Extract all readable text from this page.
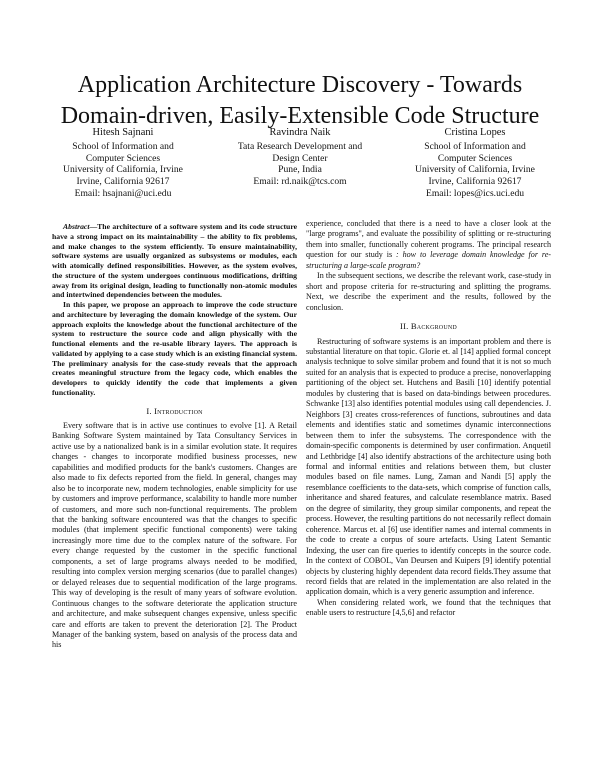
Application Architecture Discovery - Towards Domain-driven, Easily-Extensible Code Structure
Hitesh Sajnani
School of Information and
Computer Sciences
University of California, Irvine
Irvine, California 92617
Email: hsajnani@uci.edu
Ravindra Naik
Tata Research Development and
Design Center
Pune, India
Email: rd.naik@tcs.com
Cristina Lopes
School of Information and
Computer Sciences
University of California, Irvine
Irvine, California 92617
Email: lopes@ics.uci.edu

Abstract—The architecture of a software system and its code structure have a strong impact on its maintainability – the ability to fix problems, and make changes to the system efficiently. To ensure maintainability, software systems are usually organized as subsystems or modules, each with atomically defined responsibilities. However, as the system evolves, the structure of the system undergoes continuous modifications, drifting away from its original design, leading to functionally non-atomic modules and intertwined dependencies between the modules.

In this paper, we propose an approach to improve the code structure and architecture by leveraging the domain knowledge of the system. Our approach exploits the knowledge about the functional architecture of the system to restructure the source code and align physically with the functional elements and the re-usable library layers. The approach is validated by applying to a case study which is an existing financial system. The preliminary analysis for the case-study reveals that the approach creates meaningful structure from the legacy code, which enables the developers to quickly identify the code that implements a given functionality.

I. Introduction

Every software that is in active use continues to evolve [1]. A Retail Banking Software System maintained by Tata Consultancy Services in active use by a nationalized bank is in a similar evolution state. It requires changes - changes to incorporate modified business processes, new capabilities and modified products for the bank's customers. Changes are also made to fix defects reported from the field. In general, changes may also be to incorporate new, modern technologies, enable simplicity for use by customers and improve performance, scalability to handle more number of customers, and more such non-functional requirements. The problem that the banking software encountered was that the changes to specific modules (that implement specific functional components) were taking increasingly more time due to the complex nature of the software. For every change requested by the customer in the specific functional components, a set of large programs always needed to be modified, resulting into complex version merging scenarios (due to parallel changes) or delayed releases due to sequential modification of the large programs. This way of developing is the result of many years of software evolution. Continuous changes to the software deteriorate the application structure and architecture, and make subsequent changes expensive, unless specific care and efforts are taken to prevent the deterioration [2]. The Product Manager of the banking system, based on analysis of the process data and his

experience, concluded that there is a need to have a closer look at the "large programs", and evaluate the possibility of splitting or re-structuring them into smaller, functionally coherent programs. The principal research question for our study is : how to leverage domain knowledge for re-structuring a large-scale program?

In the subsequent sections, we describe the relevant work, case-study in short and propose criteria for re-structuring and splitting the programs. Next, we describe the experiment and the results, followed by the conclusion.

II. Background

Restructuring of software systems is an important problem and there is substantial literature on that topic. Glorie et. al [14] applied formal concept analysis technique to solve similar probem and found that it is not so much suited for an analysis that is expected to produce a precise, nonoverlapping partitioning of the object set. Hutchens and Basili [10] identify potential modules by clustering that is based on data-bindings between procedures. Schwanke [13] also identifies potential modules using call dependencies. J. Neighbors [3] creates cross-references of functions, subroutines and data elements and identifies static and sometimes dynamic interconnections between them to infer the subsystems. The correspondence with the domain-specific components is determined by user confirmation. Anquetil and Lethbridge [4] also identify abstractions of the architecture using both formal and informal entities and relations between them, but cluster modules based on file names. Lung, Zaman and Nandi [5] apply the resemblance coefficients to the data-sets, which comprise of function calls, inheritance and shared features, and calculate resemblance matrix. Based on the degree of similarity, they group similar components, and repeat the process. However, the resulting partitions do not necessarily reflect domain coherence. Marcus et. al [6] use identifier names and internal comments in the code to create a corpus of soure artefacts. Using Latent Semantic Indexing, the user can fire queries to identify concepts in the source code. In the context of COBOL, Van Deursen and Kuipers [9] identify potential objects by clustering highly dependent data record fields.They assume that record fields that are related in the implementation are also related in the application domain, which is a very generic assumption and inference.

When considering related work, we found that the techniques that enable users to restructure [4,5,6] and refactor
